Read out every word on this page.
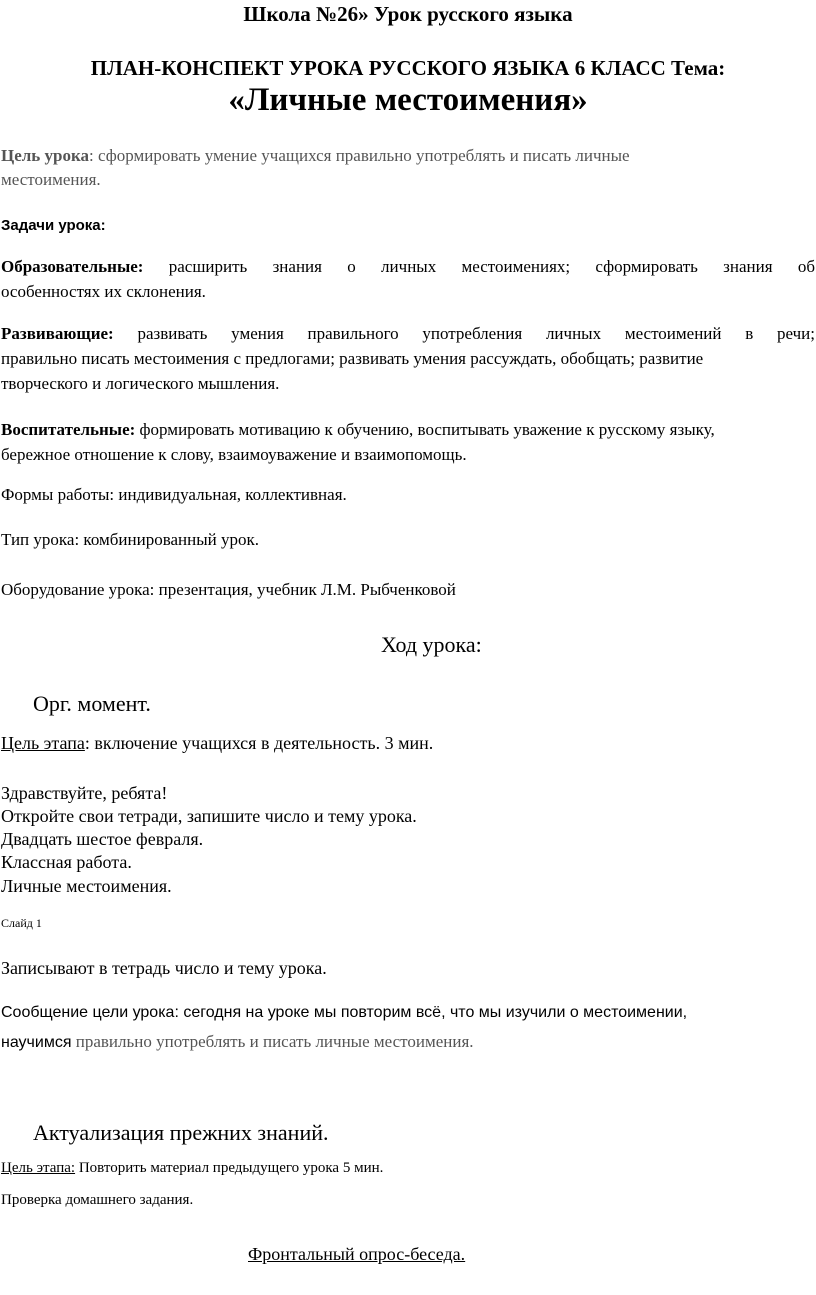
Школа №26» Урок русского языка
ПЛАН-КОНСПЕКТ УРОКА РУССКОГО ЯЗЫКА 6 КЛАСС Тема:
«Личные местоимения»
Цель урока: сформировать умение учащихся правильно употреблять и писать личные
местоимения.
Задачи урока:
Образовательные: расширить знания о личных местоимениях; сформировать знания об
особенностях их склонения.
Развивающие: развивать умения правильного употребления личных местоимений в речи;
правильно писать местоимения с предлогами; развивать умения рассуждать, обобщать; развитие
творческого и логического мышления.
Воспитательные: формировать мотивацию к обучению, воспитывать уважение к русскому языку,
бережное отношение к слову, взаимоуважение и взаимопомощь.
Формы работы: индивидуальная, коллективная.
Тип урока: комбинированный урок.
Оборудование урока: презентация, учебник Л.М. Рыбченковой
Ход урока:
Орг. момент.
Цель этапа: включение учащихся в деятельность. 3 мин.
Здравствуйте, ребята!
Откройте свои тетради, запишите число и тему урока.
Двадцать шестое февраля.
Классная работа.
Личные местоимения.
Слайд 1
Записывают в тетрадь число и тему урока.
Сообщение цели урока: сегодня на уроке мы повторим всё, что мы изучили о местоимении,
научимся правильно употреблять и писать личные местоимения.
Актуализация прежних знаний.
Цель этапа: Повторить материал предыдущего урока 5 мин.
Проверка домашнего задания.
Фронтальный опрос-беседа.
